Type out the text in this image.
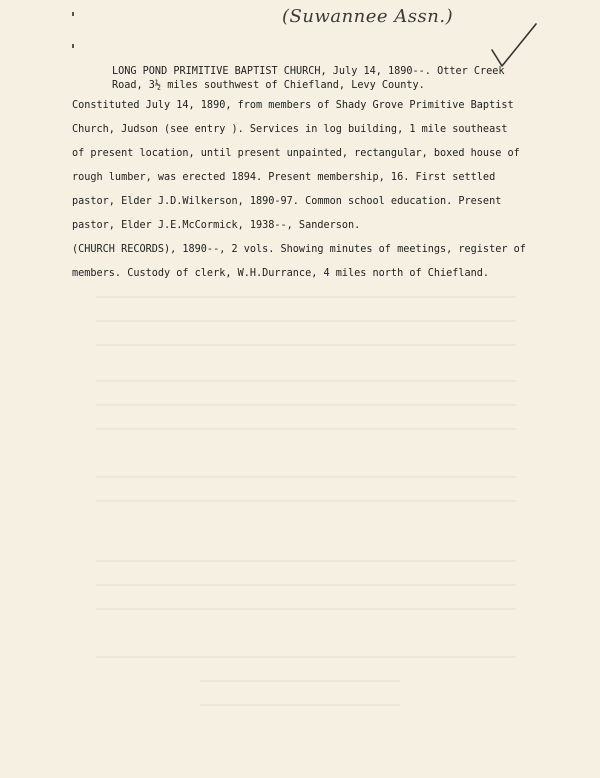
(Suwannee Assn.)
LONG POND PRIMITIVE BAPTIST CHURCH, July 14, 1890--. Otter Creek
Road, 3½ miles southwest of Chiefland, Levy County.
Constituted July 14, 1890, from members of Shady Grove Primitive Baptist
Church, Judson (see entry ). Services in log building, 1 mile southeast
of present location, until present unpainted, rectangular, boxed house of
rough lumber, was erected 1894. Present membership, 16. First settled
pastor, Elder J.D.Wilkerson, 1890-97. Common school education. Present
pastor, Elder J.E.McCormick, 1938--, Sanderson.
(CHURCH RECORDS), 1890--, 2 vols. Showing minutes of meetings, register of
members. Custody of clerk, W.H.Durrance, 4 miles north of Chiefland.
